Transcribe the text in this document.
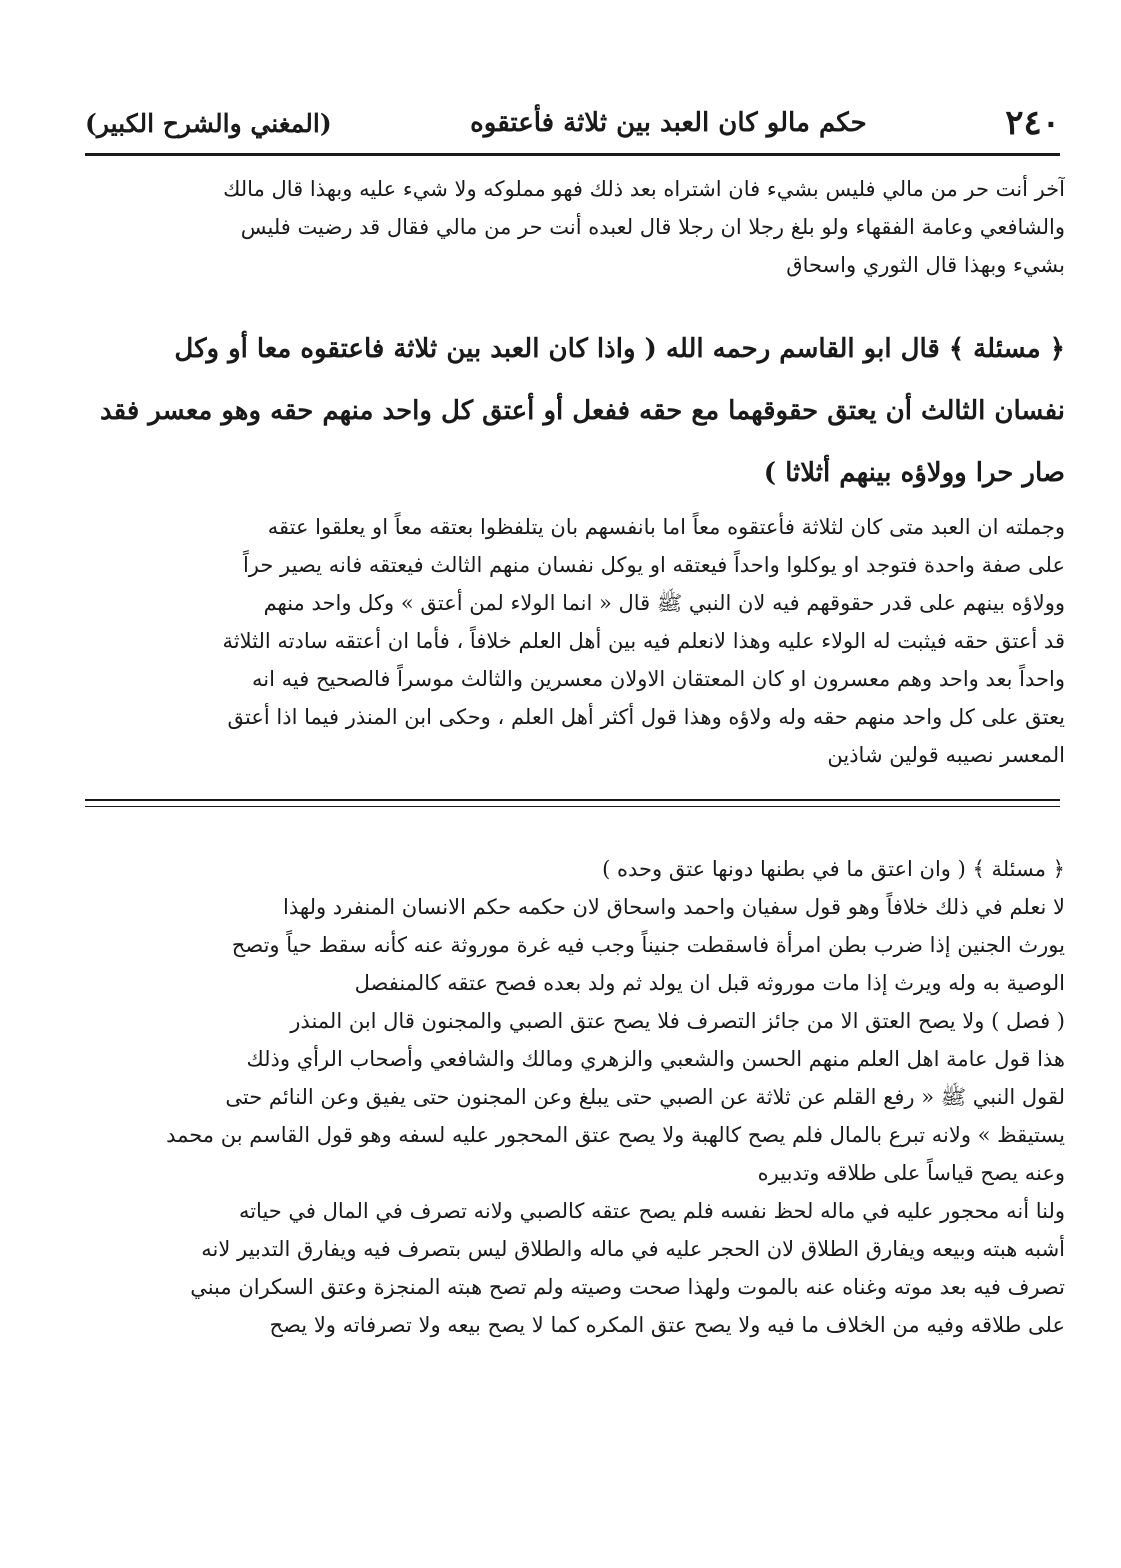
٢٤٠
حكم مالو كان العبد بين ثلاثة فأعتقوه
(المغني والشرح الكبير)
آخر أنت حر من مالي فليس بشيء فان اشتراه بعد ذلك فهو مملوكه ولا شيء عليه وبهذا قال مالك
والشافعي وعامة الفقهاء ولو بلغ رجلا ان رجلا قال لعبده أنت حر من مالي فقال قد رضيت فليس
بشيء وبهذا قال الثوري واسحاق
﴿ مسئلة ﴾ قال ابو القاسم رحمه الله ( واذا كان العبد بين ثلاثة فاعتقوه معا أو وكل
نفسان الثالث أن يعتق حقوقهما مع حقه ففعل أو أعتق كل واحد منهم حقه وهو معسر فقد
صار حرا وولاؤه بينهم أثلاثا )
وجملته ان العبد متى كان لثلاثة فأعتقوه معاً اما بانفسهم بان يتلفظوا بعتقه معاً او يعلقوا عتقه
على صفة واحدة فتوجد او يوكلوا واحداً فيعتقه او يوكل نفسان منهم الثالث فيعتقه فانه يصير حراً
وولاؤه بينهم على قدر حقوقهم فيه لان النبي ﷺ قال « انما الولاء لمن أعتق » وكل واحد منهم
قد أعتق حقه فيثبت له الولاء عليه وهذا لانعلم فيه بين أهل العلم خلافاً ، فأما ان أعتقه سادته الثلاثة
واحداً بعد واحد وهم معسرون او كان المعتقان الاولان معسرين والثالث موسراً فالصحيح فيه انه
يعتق على كل واحد منهم حقه وله ولاؤه وهذا قول أكثر أهل العلم ، وحكى ابن المنذر فيما اذا أعتق
المعسر نصيبه قولين شاذين
﴿ مسئلة ﴾ ( وان اعتق ما في بطنها دونها عتق وحده )
لا نعلم في ذلك خلافاً وهو قول سفيان واحمد واسحاق لان حكمه حكم الانسان المنفرد ولهذا
يورث الجنين إذا ضرب بطن امرأة فاسقطت جنيناً وجب فيه غرة موروثة عنه كأنه سقط حياً وتصح
الوصية به وله ويرث إذا مات موروثه قبل ان يولد ثم ولد بعده فصح عتقه كالمنفصل
( فصل ) ولا يصح العتق الا من جائز التصرف فلا يصح عتق الصبي والمجنون قال ابن المنذر
هذا قول عامة اهل العلم منهم الحسن والشعبي والزهري ومالك والشافعي وأصحاب الرأي وذلك
لقول النبي ﷺ « رفع القلم عن ثلاثة عن الصبي حتى يبلغ وعن المجنون حتى يفيق وعن النائم حتى
يستيقظ » ولانه تبرع بالمال فلم يصح كالهبة ولا يصح عتق المحجور عليه لسفه وهو قول القاسم بن محمد
وعنه يصح قياساً على طلاقه وتدبيره
ولنا أنه محجور عليه في ماله لحظ نفسه فلم يصح عتقه كالصبي ولانه تصرف في المال في حياته
أشبه هبته وبيعه ويفارق الطلاق لان الحجر عليه في ماله والطلاق ليس بتصرف فيه ويفارق التدبير لانه
تصرف فيه بعد موته وغناه عنه بالموت ولهذا صحت وصيته ولم تصح هبته المنجزة وعتق السكران مبني
على طلاقه وفيه من الخلاف ما فيه ولا يصح عتق المكره كما لا يصح بيعه ولا تصرفاته ولا يصح
